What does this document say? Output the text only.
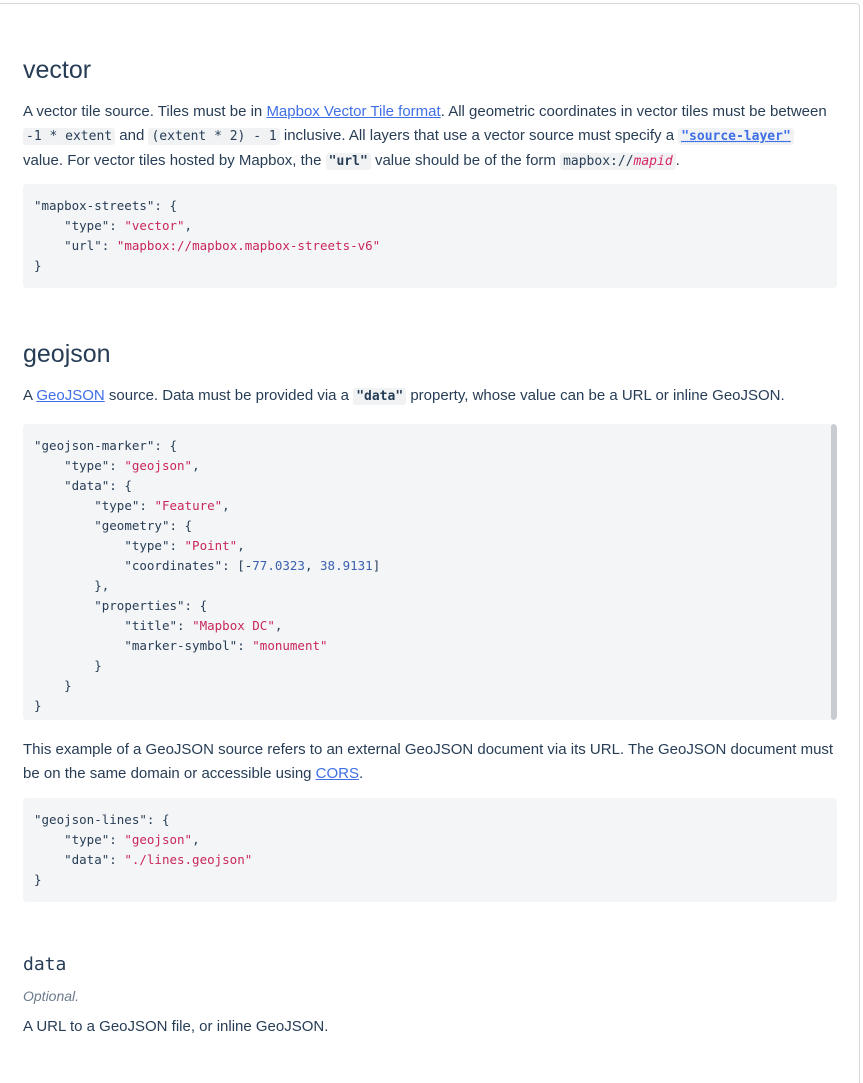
vector

A vector tile source. Tiles must be in Mapbox Vector Tile format. All geometric coordinates in vector tiles must be between -1 * extent and (extent * 2) - 1 inclusive. All layers that use a vector source must specify a "source-layer" value. For vector tiles hosted by Mapbox, the "url" value should be of the form mapbox://mapid .

"mapbox-streets": {
"type": "vector",
"url": "mapbox://mapbox.mapbox-streets-v6"
}
geojson

A GeoJSON source. Data must be provided via a "data" property, whose value can be a URL or inline GeoJSON.

"geojson-marker": {
"type": "geojson",
"data": {
"type": "Feature",
"geometry": {
"type": "Point",
"coordinates": [-77.0323, 38.9131]
},
"properties": {
"title": "Mapbox DC",
"marker-symbol": "monument"
}
}
}

This example of a GeoJSON source refers to an external GeoJSON document via its URL. The GeoJSON document must be on the same domain or accessible using CORS.

"geojson-lines": {
"type": "geojson",
"data": "./lines.geojson"
}
data
Optional.

A URL to a GeoJSON file, or inline GeoJSON.
